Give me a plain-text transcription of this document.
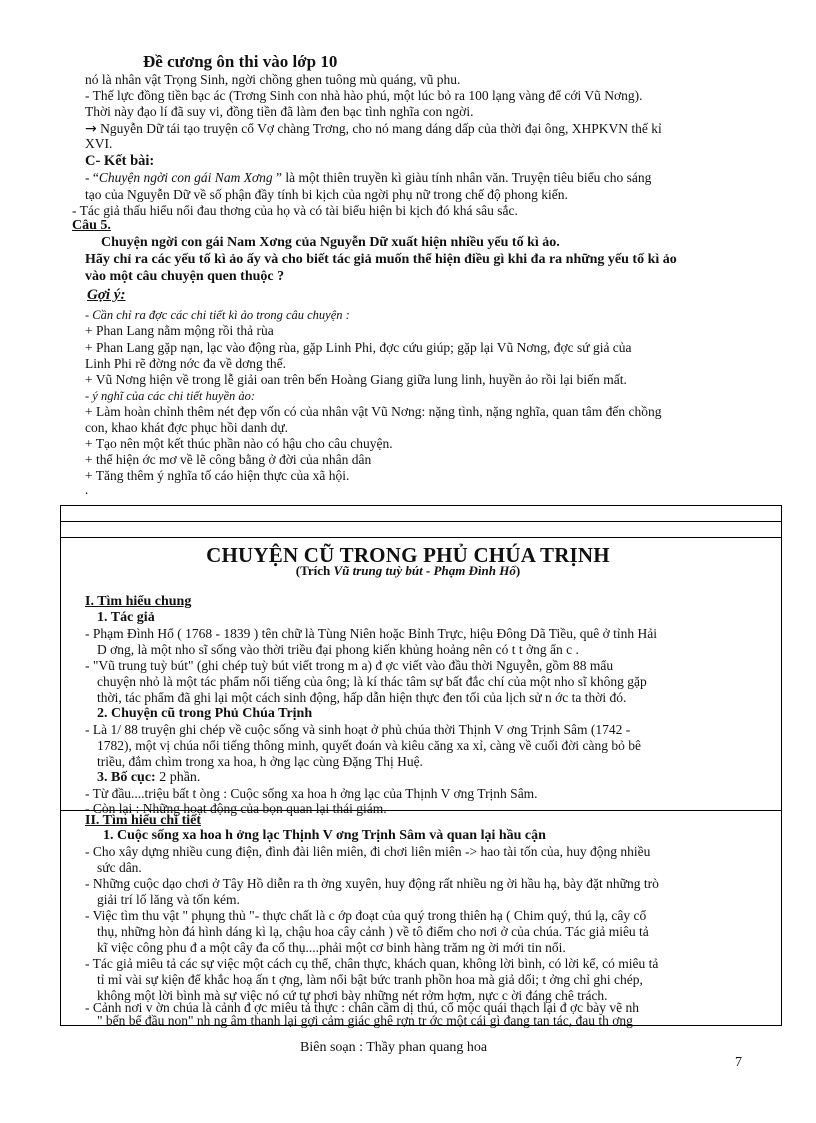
Đề cương ôn thi vào lớp 10
nó là nhân vật Trọng Sinh, ngời chồng ghen tuông mù quáng, vũ phu.
- Thế lực đồng tiền bạc ác (Trơng Sinh con nhà hào phú, một lúc bỏ ra 100 lạng vàng để cới Vũ Nơng).
Thời này đạo lí đã suy vi, đồng tiền đã làm đen bạc tình nghĩa con ngời.
→ Nguyễn Dữ tái tạo truyện cổ Vợ chàng Trơng, cho nó mang dáng dấp của thời đại ông, XHPKVN thế kỉ
XVI.
C- Kết bài:
- “Chuyện ngời con gái Nam Xơng ” là một thiên truyền kì giàu tính nhân văn. Truyện tiêu biểu cho sáng
tạo của Nguyễn Dữ về số phận đầy tính bi kịch của ngời phụ nữ trong chế độ phong kiến.
- Tác giả thấu hiểu nổi đau thơng của họ và có tài biểu hiện bi kịch đó khá sâu sắc.
Câu 5.
Chuyện ngời con gái Nam Xơng của Nguyễn Dữ xuất hiện nhiều yếu tố kì ảo.
Hãy chỉ ra các yếu tố kì ảo ấy và cho biết tác giả muốn thể hiện điều gì khi đa ra những yếu tố kì ảo
vào một câu chuyện quen thuộc ?
Gợi ý:
- Cần chỉ ra đợc các chi tiết kì ảo trong câu chuyện :
+ Phan Lang nằm mộng rồi thả rùa
+ Phan Lang gặp nạn, lạc vào động rùa, gặp Linh Phi, đợc cứu giúp; gặp lại Vũ Nơng, đợc sứ giả của
Linh Phi rẽ đờng nớc đa về dơng thế.
+ Vũ Nơng hiện về trong lễ giải oan trên bến Hoàng Giang giữa lung linh, huyền ảo rồi lại biến mất.
- ý nghĩ của các chi tiết huyền ảo:
+ Làm hoàn chỉnh thêm nét đẹp vốn có của nhân vật Vũ Nơng: nặng tình, nặng nghĩa, quan tâm đến chồng
con, khao khát đợc phục hồi danh dự.
+ Tạo nên một kết thúc phần nào có hậu cho câu chuyện.
+ thể hiện ớc mơ về lẽ công bằng ở đời của nhân dân
+ Tăng thêm ý nghĩa tố cáo hiện thực của xã hội.
.
CHUYỆN CŨ TRONG PHỦ CHÚA TRỊNH
(Trích Vũ trung tuỳ bút - Phạm Đình Hổ)
I. Tìm hiểu chung
1. Tác giả
- Phạm Đình Hổ ( 1768 - 1839 ) tên chữ là Tùng Niên hoặc Bỉnh Trực, hiệu Đông Dã Tiều, quê ở tỉnh Hải
D ơng, là một nho sĩ sống vào thời triều đại phong kiến khủng hoảng nên có t t ởng ẩn c .
- "Vũ trung tuỳ bút" (ghi chép tuỳ bút viết trong m a) đ ợc viết vào đầu thời Nguyễn, gồm 88 mẩu
chuyện nhỏ là một tác phẩm nổi tiếng của ông; là kí thác tâm sự bất đắc chí của một nho sĩ không gặp
thời, tác phẩm đã ghi lại một cách sinh động, hấp dẫn hiện thực đen tối của lịch sử n ớc ta thời đó.
2. Chuyện cũ trong Phủ Chúa Trịnh
- Là 1/ 88 truyện ghi chép về cuộc sống và sinh hoạt ở phủ chúa thời Thịnh V ơng Trịnh Sâm (1742 -
1782), một vị chúa nổi tiếng thông minh, quyết đoán và kiêu căng xa xỉ, càng về cuối đời càng bỏ bê
triều, đắm chìm trong xa hoa, h ởng lạc cùng Đặng Thị Huệ.
3. Bố cục: 2 phần.
- Từ đầu....triệu bất t òng : Cuộc sống xa hoa h ởng lạc của Thịnh V ơng Trịnh Sâm.
- Còn lại : Những hoạt động của bọn quan lại thái giám.
II. Tìm hiểu chi tiết
1. Cuộc sống xa hoa h ởng lạc Thịnh V ơng Trịnh Sâm và quan lại hầu cận
- Cho xây dựng nhiều cung điện, đình đài liên miên, đi chơi liên miên -> hao tài tốn của, huy động nhiều
sức dân.
- Những cuộc dạo chơi ở Tây Hồ diễn ra th ờng xuyên, huy động rất nhiều ng ời hầu hạ, bày đặt những trò
giải trí lố lăng và tốn kém.
- Việc tìm thu vật " phụng thủ "- thực chất là c ớp đoạt của quý trong thiên hạ ( Chim quý, thú lạ, cây cổ
thụ, những hòn đá hình dáng kì lạ, chậu hoa cây cảnh ) về tô điểm cho nơi ở của chúa. Tác giả miêu tả
kĩ việc công phu đ a một cây đa cổ thụ....phải một cơ binh hàng trăm ng ời mới tin nổi.
- Tác giả miêu tả các sự việc một cách cụ thể, chân thực, khách quan, không lời bình, có lời kể, có miêu tả
tỉ mỉ vài sự kiện để khắc hoạ ấn t ợng, làm nổi bật bức tranh phồn hoa mà giả dối; t ởng chỉ ghi chép,
không một lời bình mà sự việc nó cứ tự phơi bày những nét rởm hợm, nực c ời đáng chê trách.
- Cảnh nơi v ờn chúa là cảnh đ ợc miêu tả thực : chân cầm dị thú, cổ mộc quái thạch lại đ ợc bày vẽ nh
" bến bể đầu non" nh ng âm thanh lại gợi cảm giác ghê rợn tr ớc một cái gì đang tan tác, đau th ơng
Biên soạn : Thầy phan quang hoa
7
